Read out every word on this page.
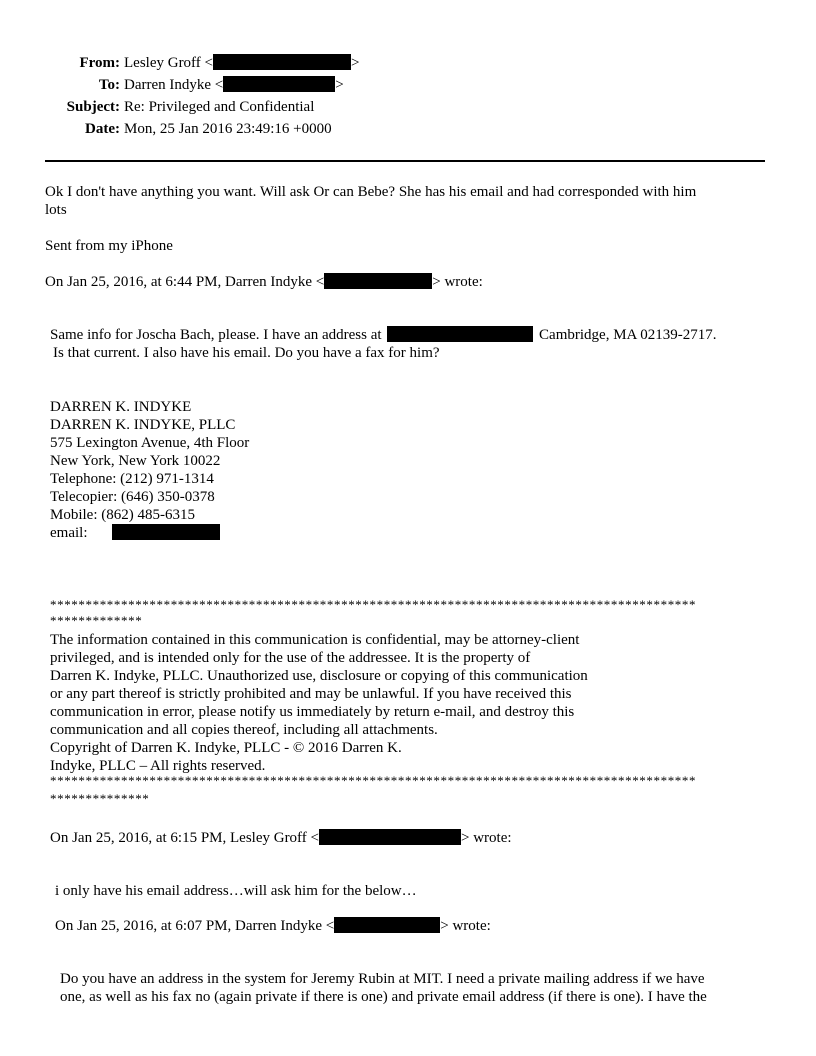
From: Lesley Groff <	>
To: Darren Indyke <	>
Subject: Re: Privileged and Confidential
Date: Mon, 25 Jan 2016 23:49:16 +0000
Ok I don't have anything you want. Will ask Or can Bebe? She has his email and had corresponded with him
lots
Sent from my iPhone
On Jan 25, 2016, at 6:44 PM, Darren Indyke <	> wrote:
Same info for Joscha Bach, please. I have an address at	Cambridge, MA 02139-2717.
Is that current. I also have his email. Do you have a fax for him?
DARREN K. INDYKE
DARREN K. INDYKE, PLLC
575 Lexington Avenue, 4th Floor
New York, New York 10022
Telephone: (212) 971-1314
Telecopier: (646) 350-0378
Mobile: (862) 485-6315
email:
*******************************************************************************************
*************
The information contained in this communication is confidential, may be attorney-client
privileged, and is intended only for the use of the addressee. It is the property of
Darren K. Indyke, PLLC. Unauthorized use, disclosure or copying of this communication
or any part thereof is strictly prohibited and may be unlawful. If you have received this
communication in error, please notify us immediately by return e-mail, and destroy this
communication and all copies thereof, including all attachments.
Copyright of Darren K. Indyke, PLLC - © 2016 Darren K.
Indyke, PLLC – All rights reserved.
*******************************************************************************************
**************
On Jan 25, 2016, at 6:15 PM, Lesley Groff <	> wrote:
i only have his email address…will ask him for the below…
On Jan 25, 2016, at 6:07 PM, Darren Indyke <	> wrote:
Do you have an address in the system for Jeremy Rubin at MIT. I need a private mailing address if we have
one, as well as his fax no (again private if there is one) and private email address (if there is one). I have the
